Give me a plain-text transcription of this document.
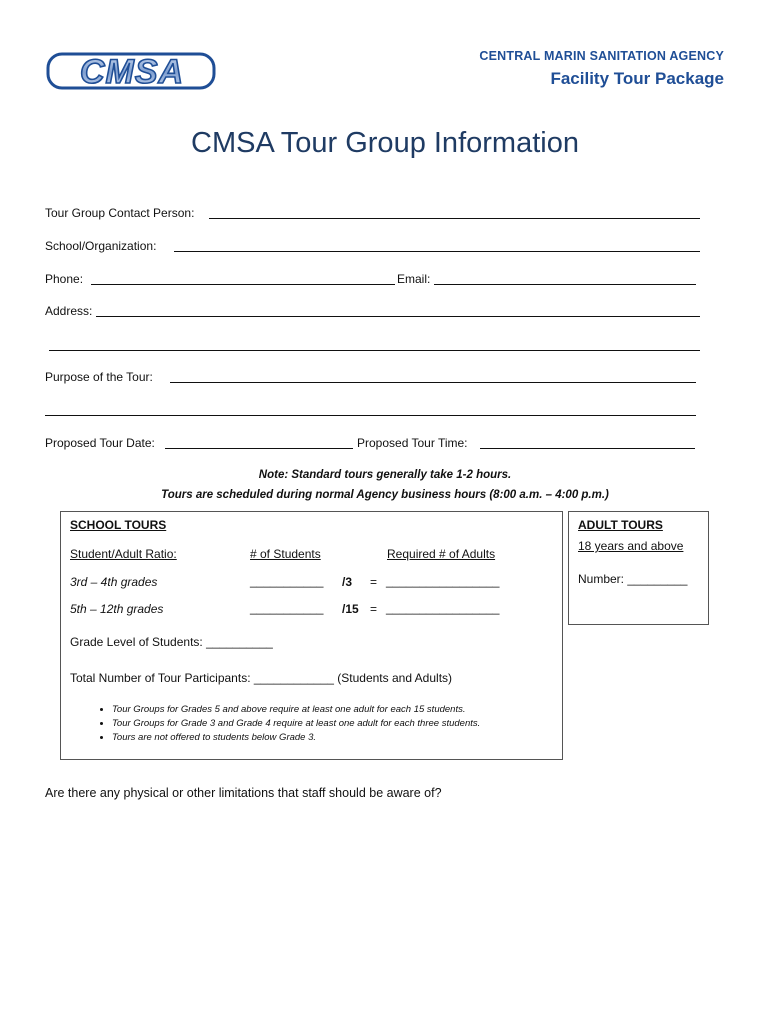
CMSA	CENTRAL MARIN SANITATION AGENCY
Facility Tour Package
CMSA Tour Group Information
Tour Group Contact Person:
School/Organization:
Phone:	Email:
Address:
Purpose of the Tour:
Proposed Tour Date:	Proposed Tour Time:
Note: Standard tours generally take 1-2 hours.
Tours are scheduled during normal Agency business hours (8:00 a.m. – 4:00 p.m.)
SCHOOL TOURS
Student/Adult Ratio:	# of Students	Required # of Adults
3rd – 4th grades	___________ /3 = _________________
5th – 12th grades	___________ /15 = _________________
Grade Level of Students: __________
Total Number of Tour Participants: ____________ (Students and Adults)
• Tour Groups for Grades 5 and above require at least one adult for each 15 students.
• Tour Groups for Grade 3 and Grade 4 require at least one adult for each three students.
• Tours are not offered to students below Grade 3.
ADULT TOURS
18 years and above
Number: _________
Are there any physical or other limitations that staff should be aware of?
